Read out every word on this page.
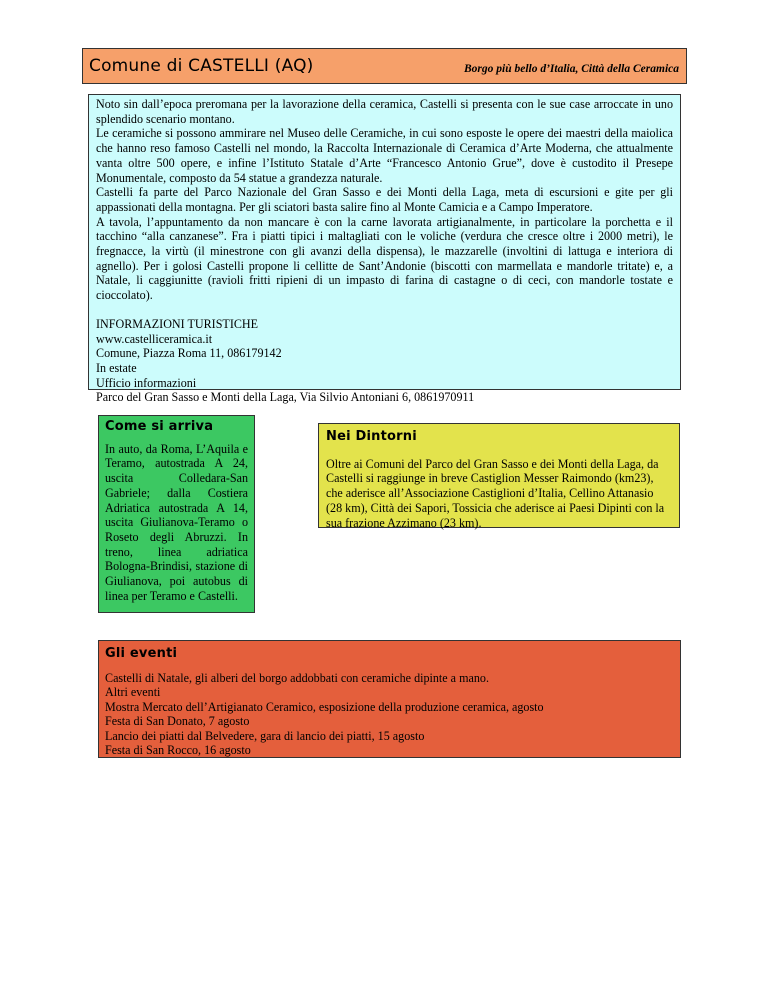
Comune di CASTELLI (AQ)	Borgo più bello d’Italia, Città della Ceramica

Noto sin dall’epoca preromana per la lavorazione della ceramica, Castelli si presenta con le sue case arroccate in uno splendido scenario montano.

Le ceramiche si possono ammirare nel Museo delle Ceramiche, in cui sono esposte le opere dei maestri della maiolica che hanno reso famoso Castelli nel mondo, la Raccolta Internazionale di Ceramica d’Arte Moderna, che attualmente vanta oltre 500 opere, e infine l’Istituto Statale d’Arte “Francesco Antonio Grue”, dove è custodito il Presepe Monumentale, composto da 54 statue a grandezza naturale.

Castelli fa parte del Parco Nazionale del Gran Sasso e dei Monti della Laga, meta di escursioni e gite per gli appassionati della montagna. Per gli sciatori basta salire fino al Monte Camicia e a Campo Imperatore.

A tavola, l’appuntamento da non mancare è con la carne lavorata artigianalmente, in particolare la porchetta e il tacchino “alla canzanese”. Fra i piatti tipici i maltagliati con le voliche (verdura che cresce oltre i 2000 metri), le fregnacce, la virtù (il minestrone con gli avanzi della dispensa), le mazzarelle (involtini di lattuga e interiora di agnello). Per i golosi Castelli propone li cellitte de Sant’Andonie (biscotti con marmellata e mandorle tritate) e, a Natale, li caggiunitte (ravioli fritti ripieni di un impasto di farina di castagne o di ceci, con mandorle tostate e cioccolato).

INFORMAZIONI TURISTICHE
www.castelliceramica.it
Comune, Piazza Roma 11, 086179142
In estate
Ufficio informazioni
Parco del Gran Sasso e Monti della Laga, Via Silvio Antoniani 6, 0861970911

Come si arriva

In auto, da Roma, L’Aquila e Teramo, autostrada A 24, uscita Colledara-San Gabriele; dalla Costiera Adriatica autostrada A 14, uscita Giulianova-Teramo o Roseto degli Abruzzi. In treno, linea adriatica Bologna-Brindisi, stazione di Giulianova, poi autobus di linea per Teramo e Castelli.

Nei Dintorni

Oltre ai Comuni del Parco del Gran Sasso e dei Monti della Laga, da Castelli si raggiunge in breve Castiglion Messer Raimondo (km23), che aderisce all’Associazione Castiglioni d’Italia, Cellino Attanasio (28 km), Città dei Sapori, Tossicia che aderisce ai Paesi Dipinti con la sua frazione Azzimano (23 km).

Gli eventi
Castelli di Natale, gli alberi del borgo addobbati con ceramiche dipinte a mano.
Altri eventi
Mostra Mercato dell’Artigianato Ceramico, esposizione della produzione ceramica, agosto
Festa di San Donato, 7 agosto
Lancio dei piatti dal Belvedere, gara di lancio dei piatti, 15 agosto
Festa di San Rocco, 16 agosto
